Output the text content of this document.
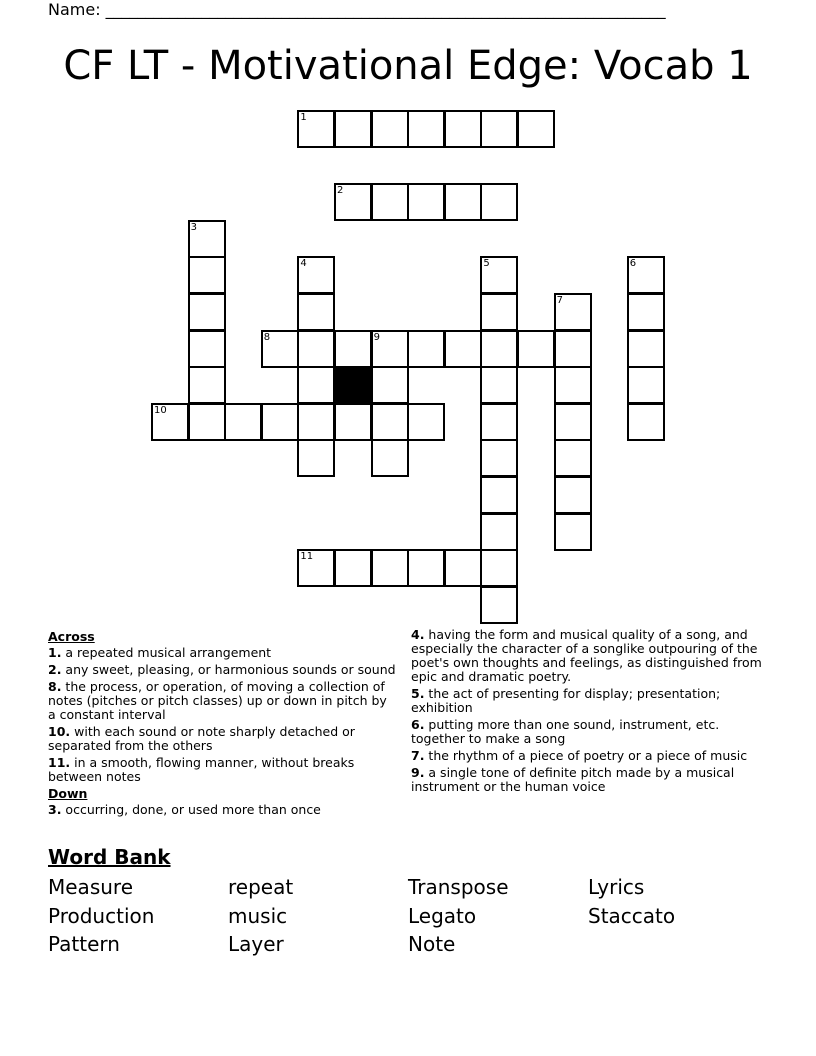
Name: ______________________________________________________________________
CF LT - Motivational Edge: Vocab 1
1
2
3
4	5	6
7
8	9
10
11
Across
1. a repeated musical arrangement
2. any sweet, pleasing, or harmonious sounds or sound
8. the process, or operation, of moving a collection of notes (pitches or pitch classes) up or down in pitch by a constant interval
10. with each sound or note sharply detached or separated from the others
11. in a smooth, flowing manner, without breaks between notes
Down
3. occurring, done, or used more than once
4. having the form and musical quality of a song, and especially the character of a songlike outpouring of the poet's own thoughts and feelings, as distinguished from epic and dramatic poetry.
5. the act of presenting for display; presentation; exhibition
6. putting more than one sound, instrument, etc. together to make a song
7. the rhythm of a piece of poetry or a piece of music
9. a single tone of definite pitch made by a musical instrument or the human voice
Word Bank
Measure	repeat	Transpose	Lyrics
Production	music	Legato	Staccato
Pattern	Layer	Note
